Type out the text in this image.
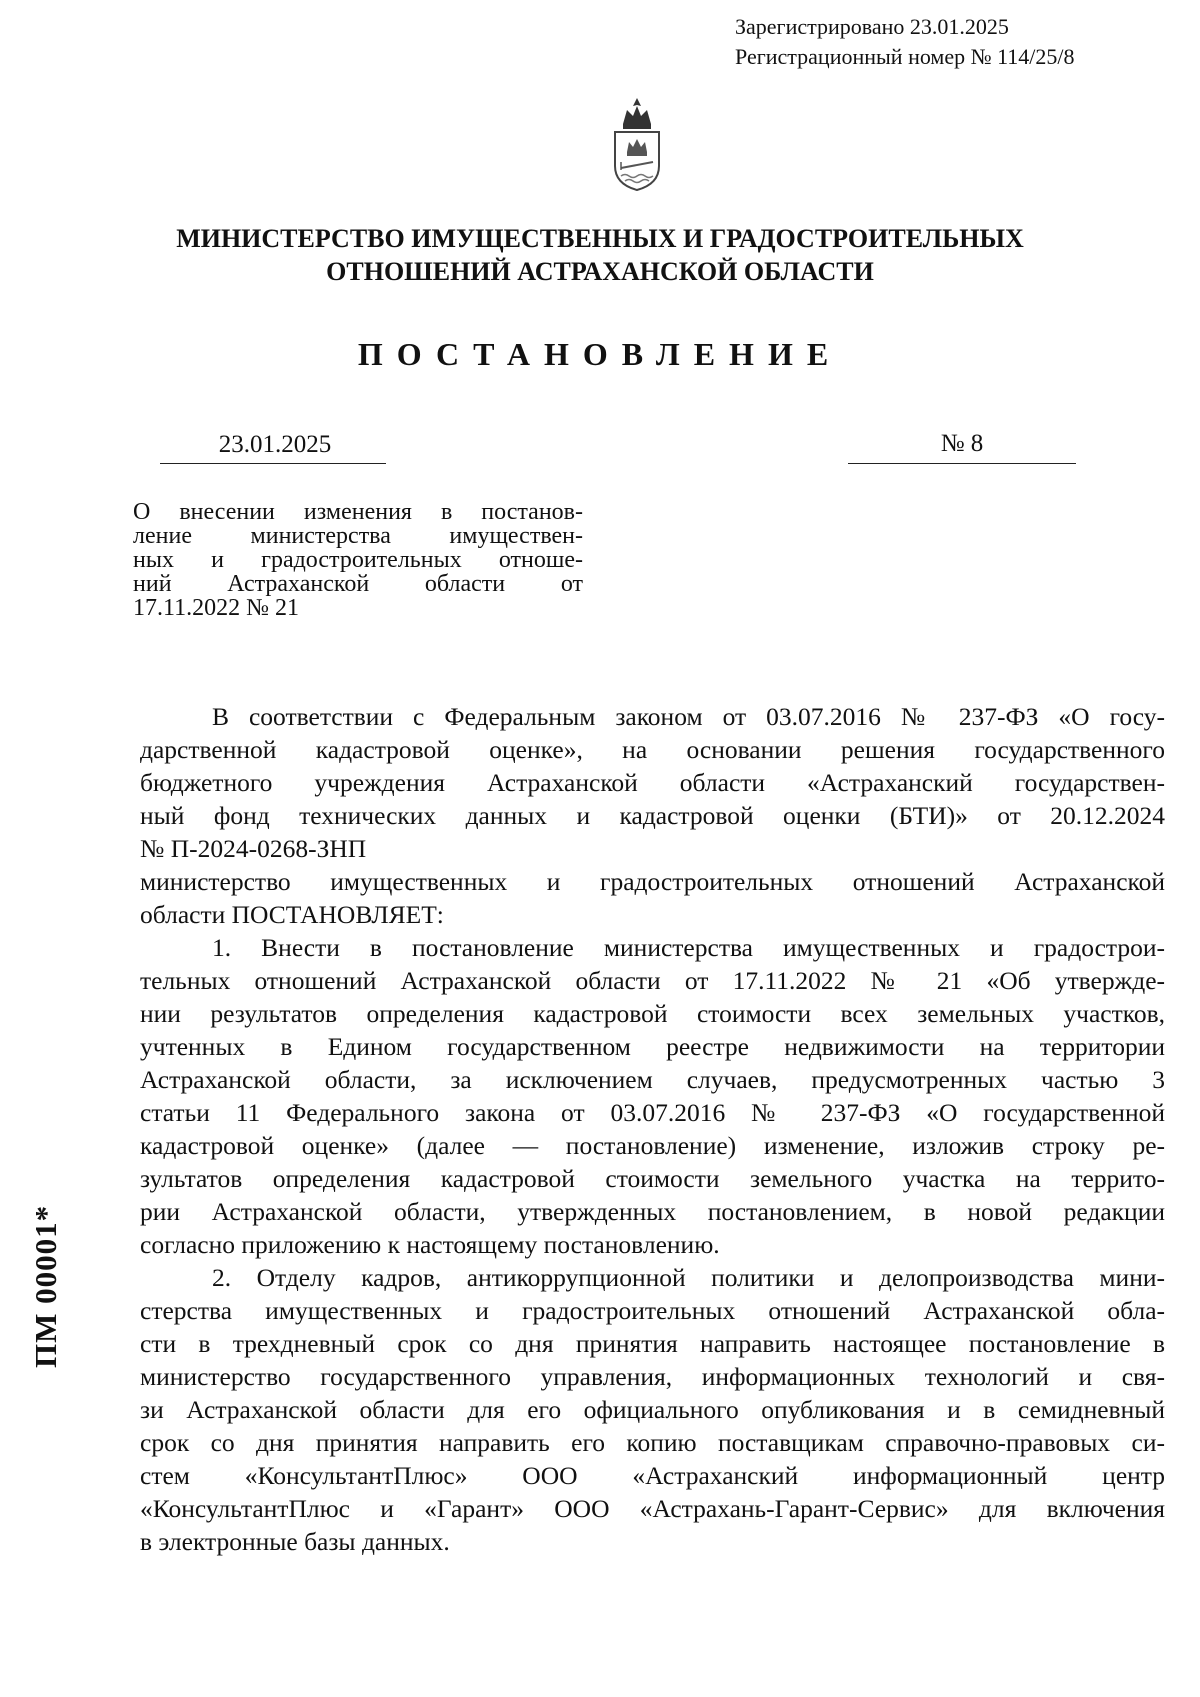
Зарегистрировано 23.01.2025
Регистрационный номер № 114/25/8
МИНИСТЕРСТВО ИМУЩЕСТВЕННЫХ И ГРАДОСТРОИТЕЛЬНЫХ
ОТНОШЕНИЙ АСТРАХАНСКОЙ ОБЛАСТИ
ПОСТАНОВЛЕНИЕ
23.01.2025	№ 8
О внесении изменения в постанов-
ление министерства имуществен-
ных и градостроительных отноше-
ний Астраханской области от
17.11.2022 № 21
В соответствии с Федеральным законом от 03.07.2016 № 237-ФЗ «О госу-
дарственной кадастровой оценке», на основании решения государственного
бюджетного учреждения Астраханской области «Астраханский государствен-
ный фонд технических данных и кадастровой оценки (БТИ)» от 20.12.2024
№ П-2024-0268-ЗНП
министерство имущественных и градостроительных отношений Астраханской
области ПОСТАНОВЛЯЕТ:
1. Внести в постановление министерства имущественных и градострои-
тельных отношений Астраханской области от 17.11.2022 № 21 «Об утвержде-
нии результатов определения кадастровой стоимости всех земельных участков,
учтенных в Едином государственном реестре недвижимости на территории
Астраханской области, за исключением случаев, предусмотренных частью 3
статьи 11 Федерального закона от 03.07.2016 № 237-ФЗ «О государственной
кадастровой оценке» (далее — постановление) изменение, изложив строку ре-
зультатов определения кадастровой стоимости земельного участка на террито-
рии Астраханской области, утвержденных постановлением, в новой редакции
согласно приложению к настоящему постановлению.
2. Отделу кадров, антикоррупционной политики и делопроизводства мини-
стерства имущественных и градостроительных отношений Астраханской обла-
сти в трехдневный срок со дня принятия направить настоящее постановление в
министерство государственного управления, информационных технологий и свя-
зи Астраханской области для его официального опубликования и в семидневный
срок со дня принятия направить его копию поставщикам справочно-правовых си-
стем «КонсультантПлюс» ООО «Астраханский информационный центр
«КонсультантПлюс и «Гарант» ООО «Астрахань-Гарант-Сервис» для включения
в электронные базы данных.
ПМ 00001*
